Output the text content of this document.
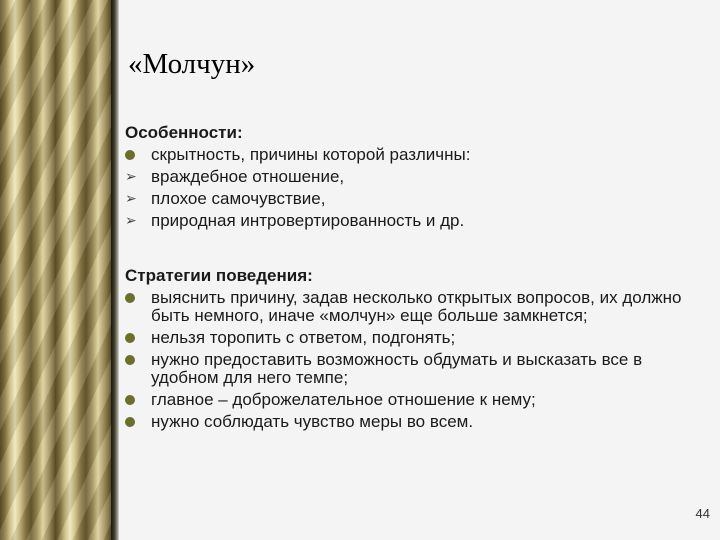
«Молчун»
Особенности:
скрытность, причины которой различны:
➢ враждебное отношение,
➢ плохое самочувствие,
➢ природная интровертированность и др.
Стратегии поведения:
выяснить причину, задав несколько открытых вопросов, их должно быть немного, иначе «молчун» еще больше замкнется;
нельзя торопить с ответом, подгонять;
нужно предоставить возможность обдумать и высказать все в удобном для него темпе;
главное – доброжелательное отношение к нему;
нужно соблюдать чувство меры во всем.
44
